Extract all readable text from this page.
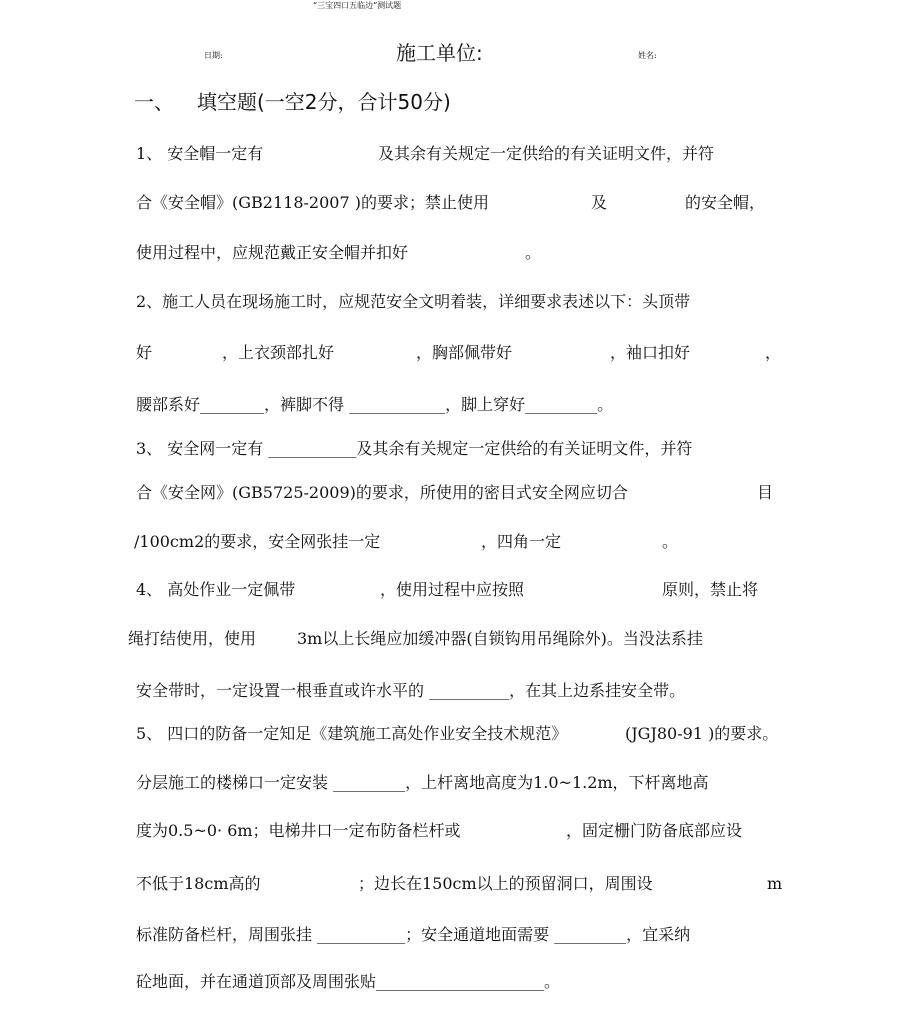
“三宝四口五临边”测试题
日期:	施工单位:	姓名:
一、 填空题(一空2分，合计50分)
1、 安全帽一定有	及其余有关规定一定供给的有关证明文件，并符
合《安全帽》(GB2118-2007 )的要求；禁止使用	及	的安全帽，
使用过程中，应规范戴正安全帽并扣好	。
2、施工人员在现场施工时，应规范安全文明着装，详细要求表述以下：头顶带
好	，上衣颈部扎好	，胸部佩带好	，袖口扣好	，
腰部系好________，裤脚不得 ____________，脚上穿好_________。
3、 安全网一定有 ___________及其余有关规定一定供给的有关证明文件，并符
合《安全网》(GB5725-2009)的要求，所使用的密目式安全网应切合	目
/100cm2的要求，安全网张挂一定	，四角一定	。
4、 高处作业一定佩带	，使用过程中应按照	原则，禁止将
绳打结使用，使用	3m以上长绳应加缓冲器(自锁钩用吊绳除外)。当没法系挂
安全带时，一定设置一根垂直或许水平的 __________，在其上边系挂安全带。
5、 四口的防备一定知足《建筑施工高处作业安全技术规范》	(JGJ80-91 )的要求。
分层施工的楼梯口一定安装 _________，上杆离地高度为1.0~1.2m，下杆离地高
度为0.5~0· 6m；电梯井口一定布防备栏杆或	，固定栅门防备底部应设
不低于18cm高的	；边长在150cm以上的预留洞口，周围设	m
标准防备栏杆，周围张挂 ___________；安全通道地面需要 _________，宜采纳
砼地面，并在通道顶部及周围张贴_____________________。
